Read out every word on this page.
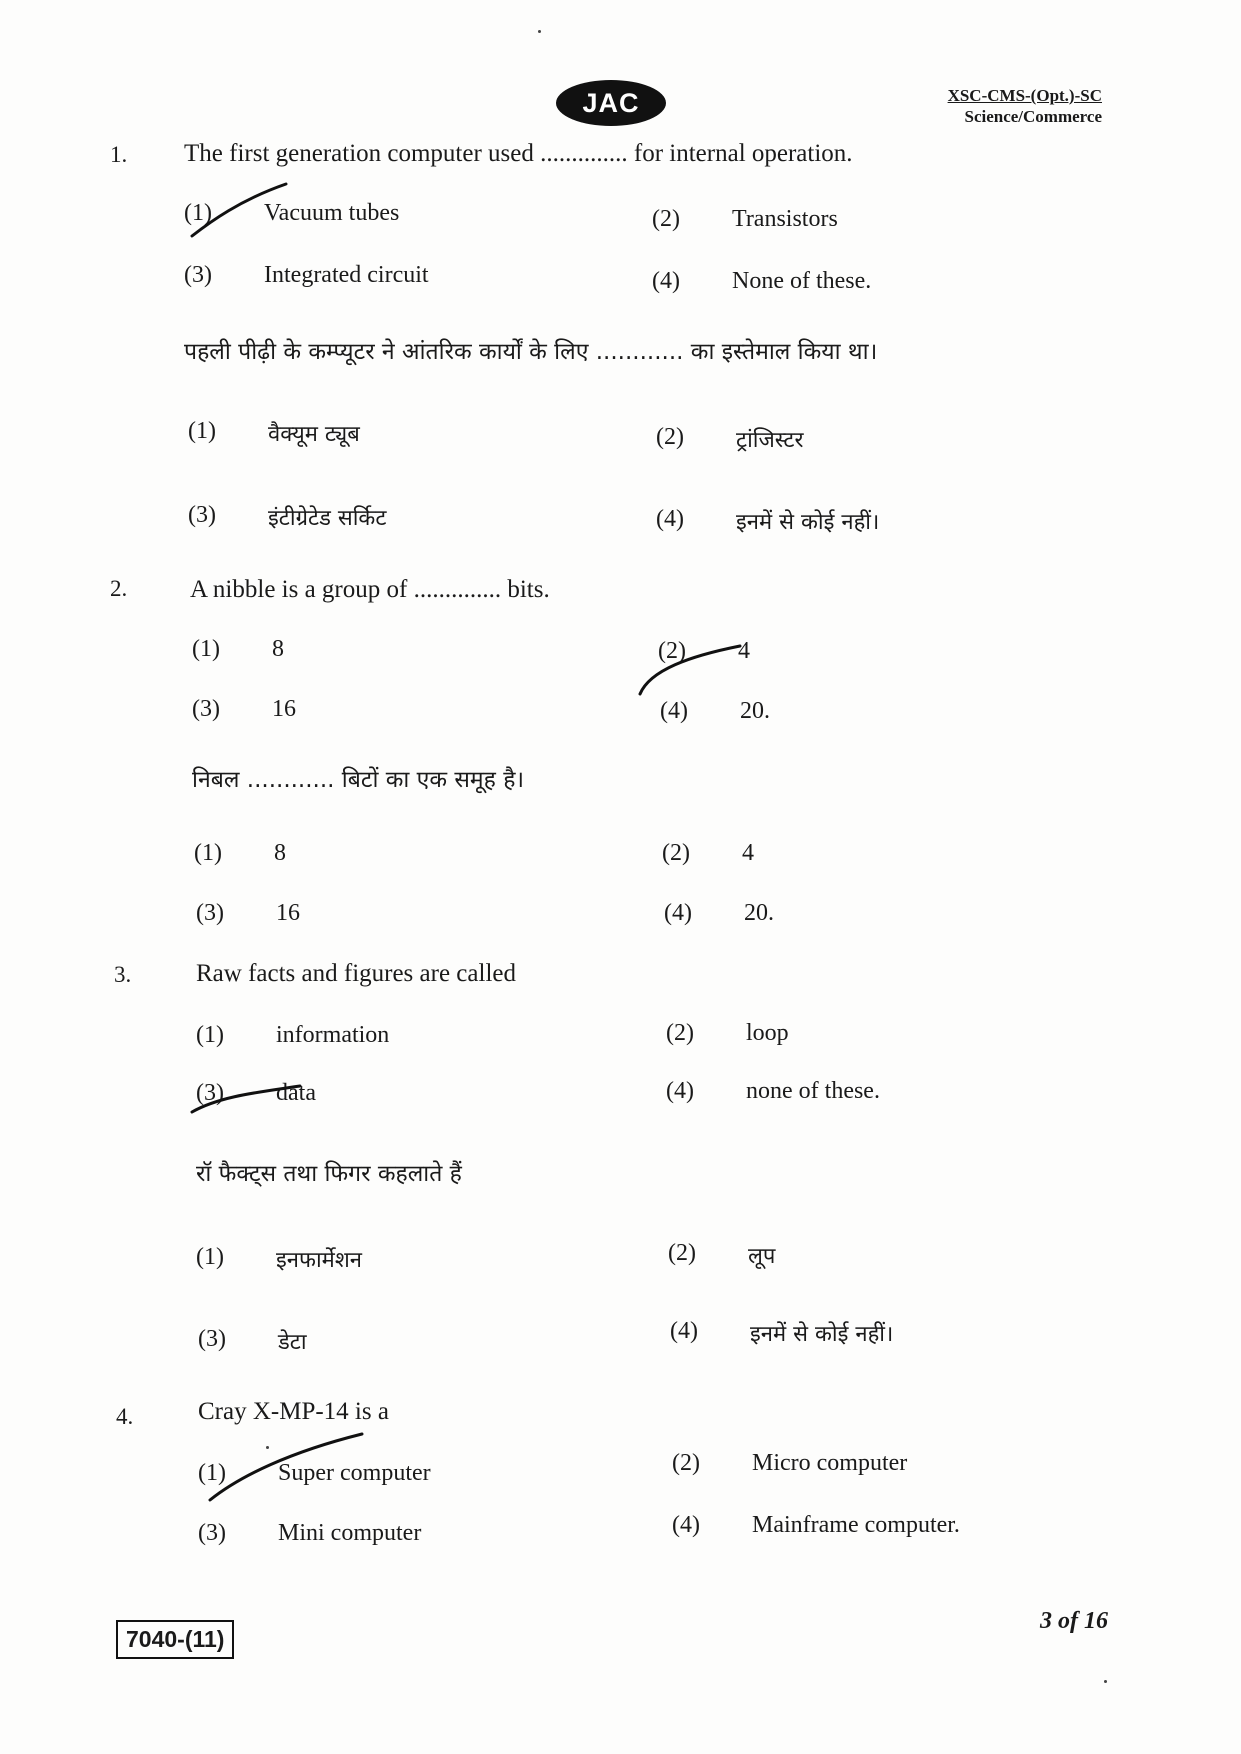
JAC	XSC-CMS-(Opt.)-SC
Science/Commerce
1. The first generation computer used .............. for internal operation.
(1)	Vacuum tubes	(2)	Transistors
(3)	Integrated circuit	(4)	None of these.
पहली पीढ़ी के कम्प्यूटर ने आंतरिक कार्यों के लिए ............ का इस्तेमाल किया था।
(1)	वैक्यूम ट्यूब	(2)	ट्रांजिस्टर
(3)	इंटीग्रेटेड सर्किट	(4)	इनमें से कोई नहीं।
2.	A nibble is a group of .............. bits.
(1)	8	(2)	4
(3)	16	(4)	20.
निबल ............ बिटों का एक समूह है।
(1)	8	(2)	4
(3)	16	(4)	20.
3.	Raw facts and figures are called
(1)	information	(2)	loop
(3)	data	(4)	none of these.
रॉ फैक्ट्स तथा फिगर कहलाते हैं
(1)	इनफार्मेशन	(2)	लूप
(3)	डेटा	(4)	इनमें से कोई नहीं।
4.	Cray X-MP-14 is a
(1)	Super computer	(2)	Micro computer
(3)	Mini computer	(4)	Mainframe computer.
7040-(11)
3 of 16
